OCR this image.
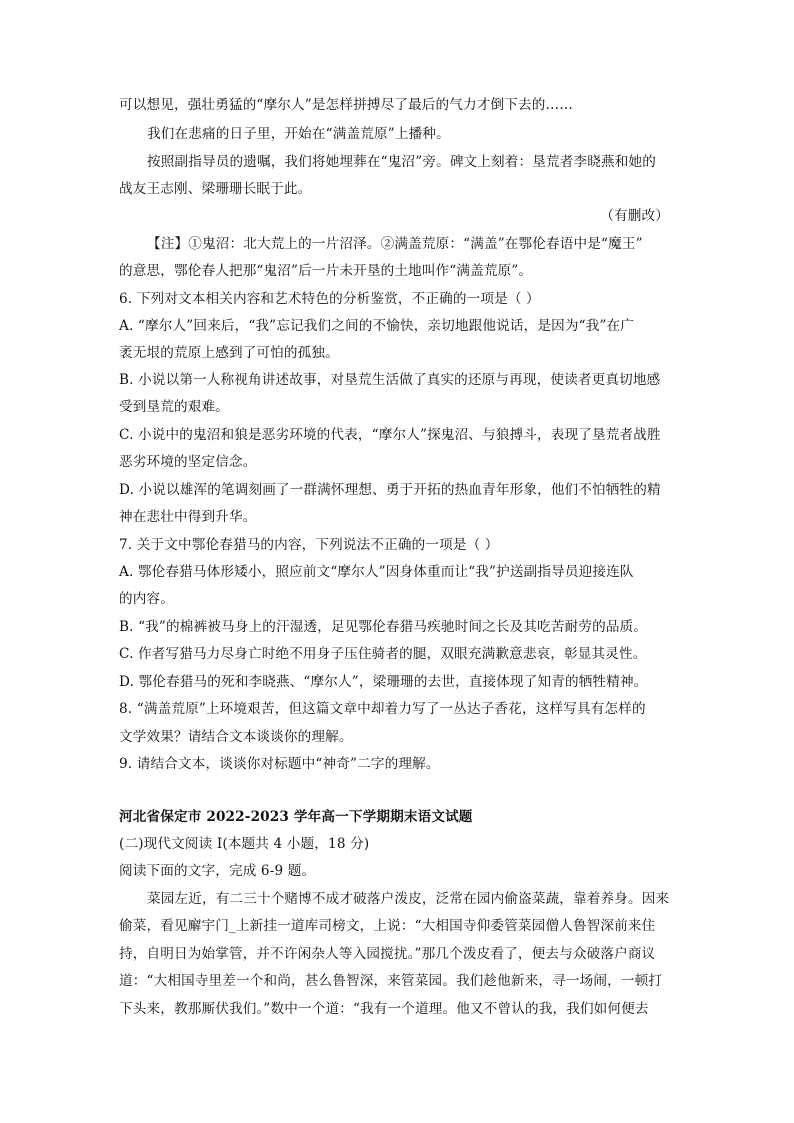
可以想见，强壮勇猛的“摩尔人”是怎样拼搏尽了最后的气力才倒下去的……
我们在悲痛的日子里，开始在“满盖荒原”上播种。
按照副指导员的遗嘱，我们将她埋葬在“鬼沼”旁。碑文上刻着：垦荒者李晓燕和她的
战友王志刚、梁珊珊长眠于此。
（有删改）
【注】①鬼沼：北大荒上的一片沼泽。②满盖荒原：“满盖”在鄂伦春语中是“魔王”
的意思，鄂伦春人把那“鬼沼”后一片未开垦的土地叫作“满盖荒原”。
6. 下列对文本相关内容和艺术特色的分析鉴赏，不正确的一项是（ ）
A. “摩尔人”回来后，“我”忘记我们之间的不愉快，亲切地跟他说话，是因为“我”在广
袤无垠的荒原上感到了可怕的孤独。
B. 小说以第一人称视角讲述故事，对垦荒生活做了真实的还原与再现，使读者更真切地感
受到垦荒的艰难。
C. 小说中的鬼沼和狼是恶劣环境的代表，“摩尔人”探鬼沼、与狼搏斗，表现了垦荒者战胜
恶劣环境的坚定信念。
D. 小说以雄浑的笔调刻画了一群满怀理想、勇于开拓的热血青年形象，他们不怕牺牲的精
神在悲壮中得到升华。
7. 关于文中鄂伦春猎马的内容，下列说法不正确的一项是（ ）
A. 鄂伦春猎马体形矮小，照应前文“摩尔人”因身体重而让“我”护送副指导员迎接连队
的内容。
B. “我”的棉裤被马身上的汗湿透，足见鄂伦春猎马疾驰时间之长及其吃苦耐劳的品质。
C. 作者写猎马力尽身亡时绝不用身子压住骑者的腿，双眼充满歉意悲哀，彰显其灵性。
D. 鄂伦春猎马的死和李晓燕、“摩尔人”，梁珊珊的去世，直接体现了知青的牺牲精神。
8. “满盖荒原”上环境艰苦，但这篇文章中却着力写了一丛达子香花，这样写具有怎样的
文学效果？请结合文本谈谈你的理解。
9. 请结合文本，谈谈你对标题中“神奇”二字的理解。
河北省保定市 2022-2023 学年高一下学期期末语文试题
(二)现代文阅读 I(本题共 4 小题，18 分)
阅读下面的文字，完成 6-9 题。
菜园左近，有二三十个赌博不成才破落户泼皮，泛常在园内偷盗菜蔬，靠着养身。因来
偷菜，看见廨宇门_上新挂一道库司榜文，上说：“大相国寺仰委管菜园僧人鲁智深前来住
持，自明日为始掌管，并不许闲杂人等入园搅扰。”那几个泼皮看了，便去与众破落户商议
道：“大相国寺里差一个和尚，甚么鲁智深，来管菜园。我们趁他新来，寻一场闹，一顿打
下头来，教那厮伏我们。”数中一个道：“我有一个道理。他又不曾认的我，我们如何便去
